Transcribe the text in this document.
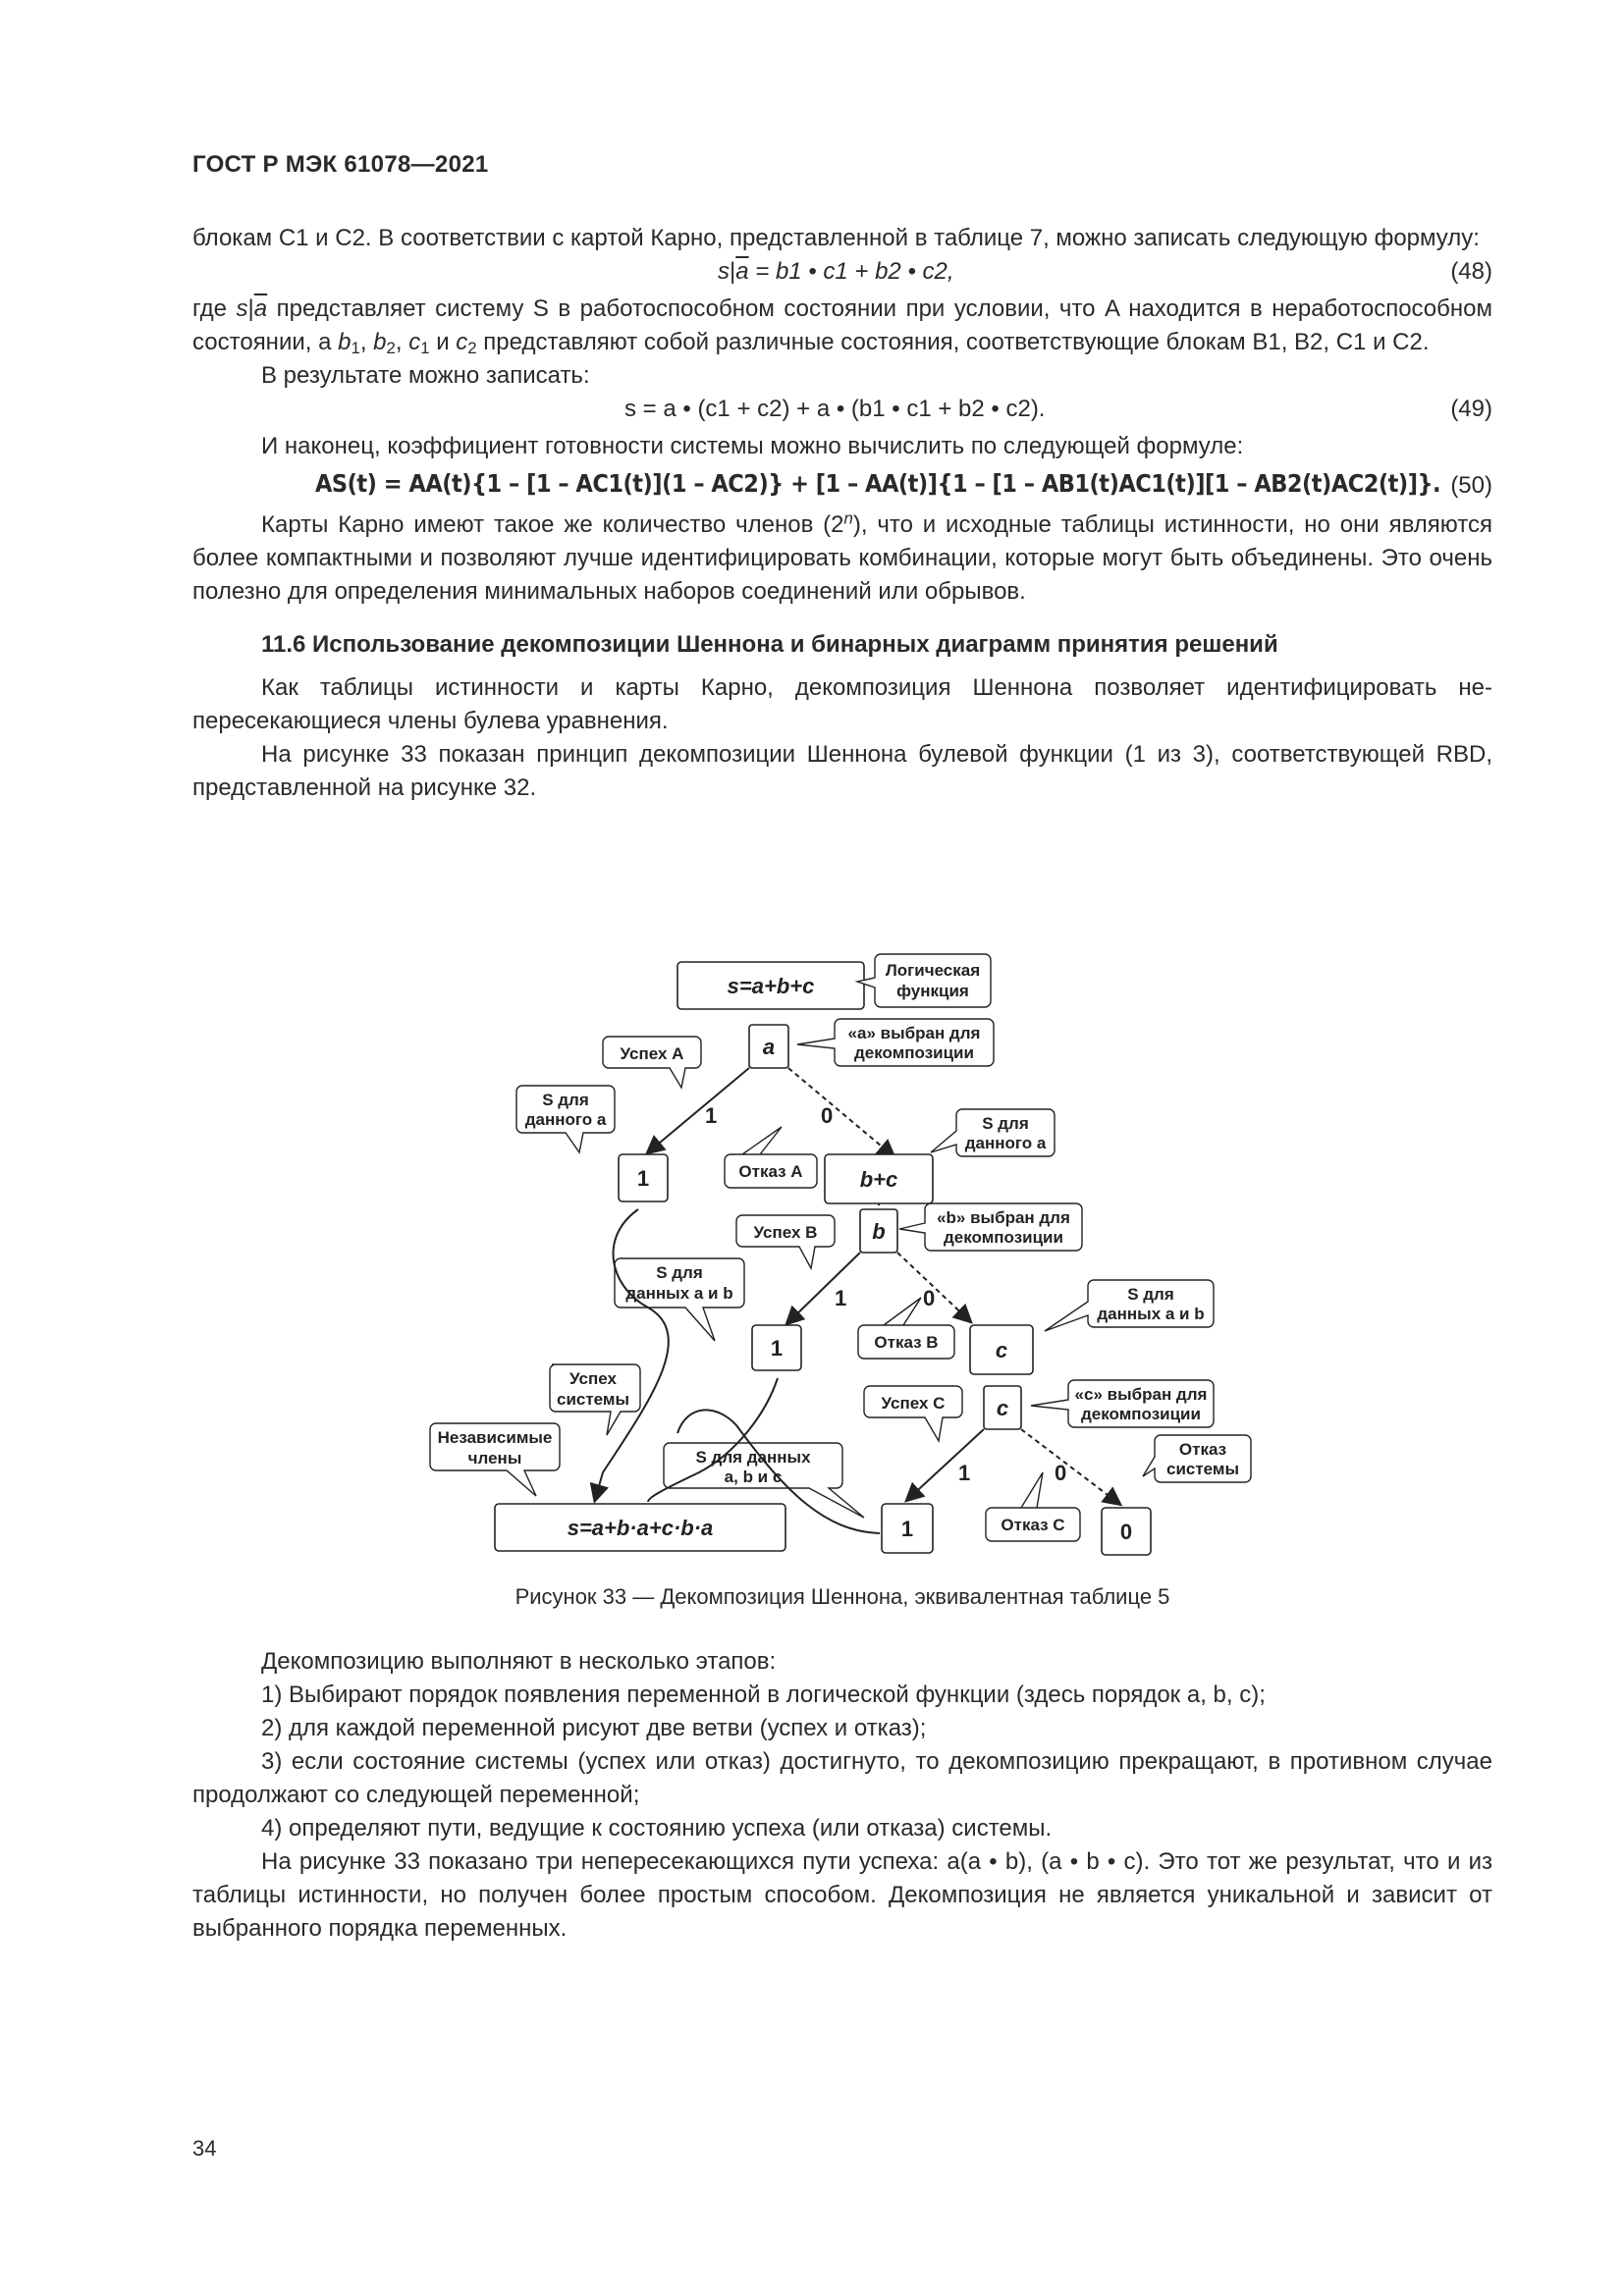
ГОСТ Р МЭК 61078—2021

блокам C1 и C2. В соответствии с картой Карно, представленной в таблице 7, можно записать следующую формулу:

$s|\overline{a} = b1$ • c1 + b2 • c2,	(48)

где $s|\overline{a}$ представляет систему S в работоспособном состоянии при условии, что A находится в неработоспособном состоянии, а $b_1$, $b_2$, $c_1$ и $c_2$ представляют собой различные состояния, соответствующие блокам B1, B2, C1 и C2.

В результате можно записать:

s = a • (c1 + c2) + a • (b1 • c1 + b2 • c2).	(49)

И наконец, коэффициент готовности системы можно вычислить по следующей формуле:

AS(t) = AA(t){1 – [1 – AC1(t)](1 – AC2)} + [1 – AA(t)]{1 – [1 – AB1(t)AC1(t)][1 – AB2(t)AC2(t)]}. (50)

Карты Карно имеют такое же количество членов (2$^n$), что и исходные таблицы истинности, но они являются более компактными и позволяют лучше идентифицировать комбинации, которые могут быть объединены. Это очень полезно для определения минимальных наборов соединений или обрывов.

11.6 Использование декомпозиции Шеннона и бинарных диаграмм принятия решений

Как таблицы истинности и карты Карно, декомпозиция Шеннона позволяет идентифицировать непересекающиеся члены булева уравнения.

На рисунке 33 показан принцип декомпозиции Шеннона булевой функции (1 из 3), соответствующей RBD, представленной на рисунке 32.

s=a+b+c
Логическая
функция
a
«a» выбран для
декомпозиции
Успех A
S для
данного a	1	0
Отказ A
S для
данного a
1	b+c
b
«b» выбран для
декомпозиции
Успех B
S для
данных a и b	1	0
1	Отказ B	c
S для
данных a и b
c
«c» выбран для
декомпозиции
Успех C
Успех
системы
Независимые
члены	S для данных
a, b и c
Отказ
системы
1	0
s=a+b·a+c·b·a	1	Отказ C	0
Рисунок 33 — Декомпозиция Шеннона, эквивалентная таблице 5

Декомпозицию выполняют в несколько этапов:

1) Выбирают порядок появления переменной в логической функции (здесь порядок a, b, c);

2) для каждой переменной рисуют две ветви (успех и отказ);

3) если состояние системы (успех или отказ) достигнуто, то декомпозицию прекращают, в противном случае продолжают со следующей переменной;

4) определяют пути, ведущие к состоянию успеха (или отказа) системы.

На рисунке 33 показано три непересекающихся пути успеха: a(a • b), (a • b • c). Это тот же результат, что и из таблицы истинности, но получен более простым способом. Декомпозиция не является уникальной и зависит от выбранного порядка переменных.

34
